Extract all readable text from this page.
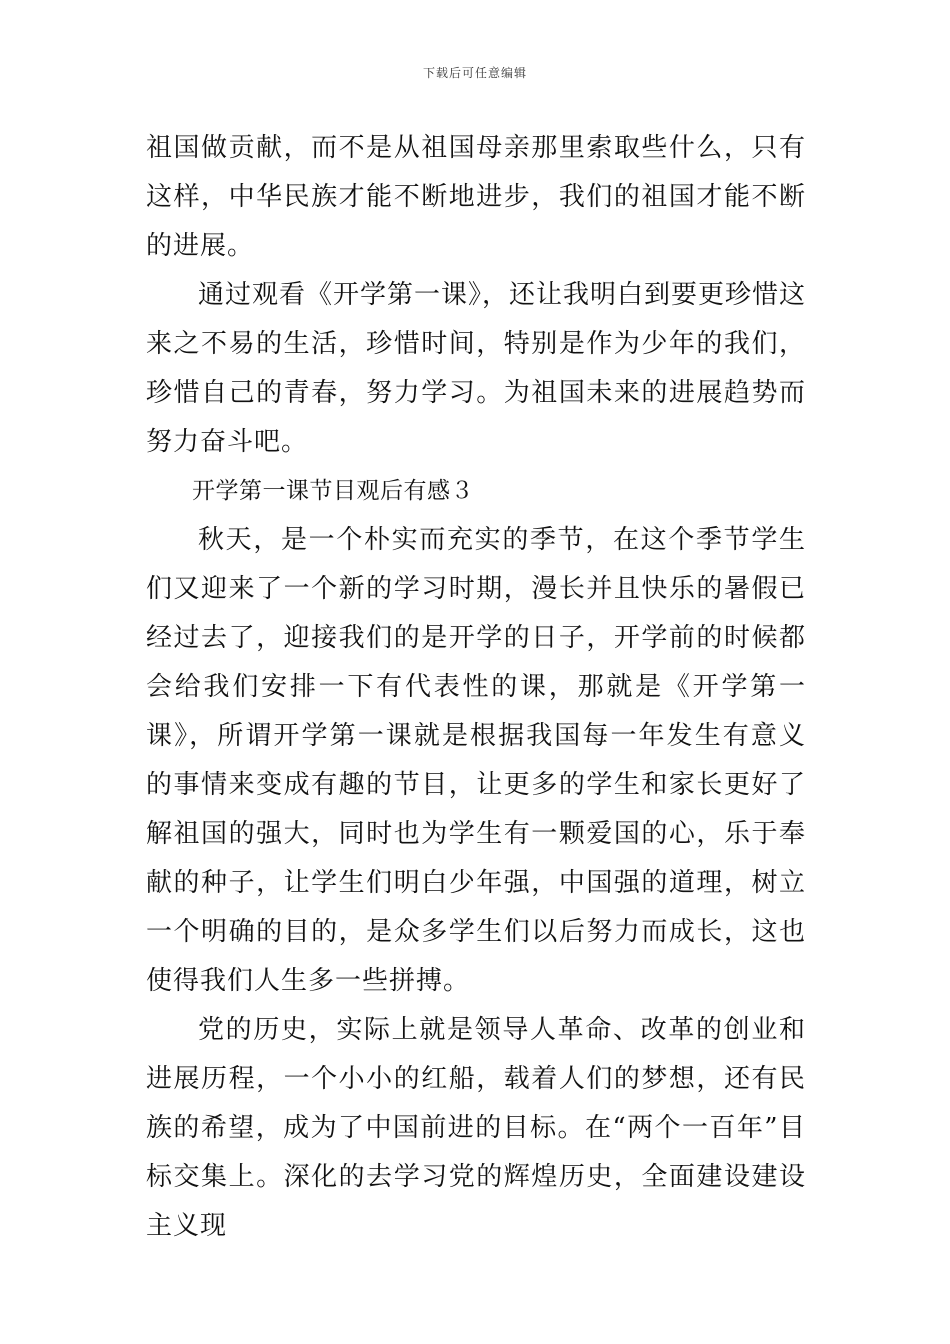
下载后可任意编辑

祖国做贡献，而不是从祖国母亲那里索取些什么，只有这样，中华民族才能不断地进步，我们的祖国才能不断的进展。

通过观看《开学第一课》，还让我明白到要更珍惜这来之不易的生活，珍惜时间，特别是作为少年的我们，珍惜自己的青春，努力学习。为祖国未来的进展趋势而努力奋斗吧。

开学第一课节目观后有感３

秋天，是一个朴实而充实的季节，在这个季节学生们又迎来了一个新的学习时期，漫长并且快乐的暑假已经过去了，迎接我们的是开学的日子，开学前的时候都会给我们安排一下有代表性的课，那就是《开学第一课》，所谓开学第一课就是根据我国每一年发生有意义的事情来变成有趣的节目，让更多的学生和家长更好了解祖国的强大，同时也为学生有一颗爱国的心，乐于奉献的种子，让学生们明白少年强，中国强的道理，树立一个明确的目的，是众多学生们以后努力而成长，这也使得我们人生多一些拼搏。

党的历史，实际上就是领导人革命、改革的创业和进展历程，一个小小的红船，载着人们的梦想，还有民族的希望，成为了中国前进的目标。在“两个一百年”目标交集上。深化的去学习党的辉煌历史，全面建设建设主义现
